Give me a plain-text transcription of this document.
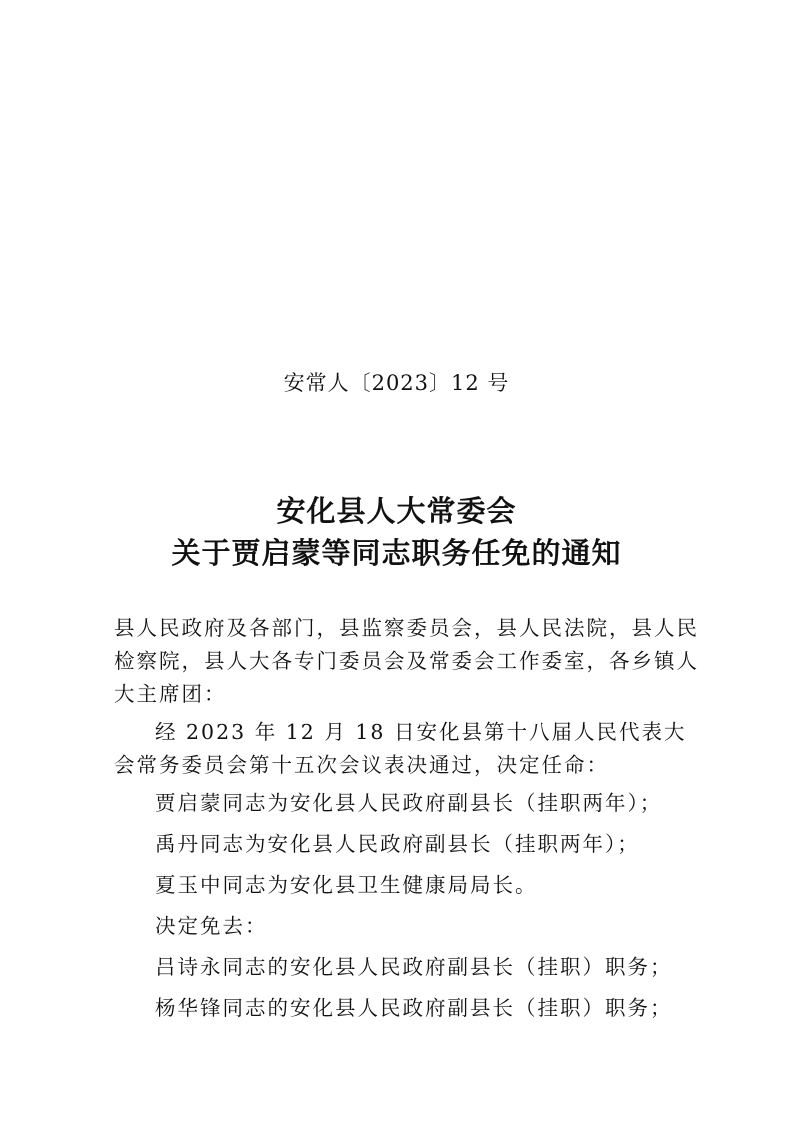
安常人〔2023〕12 号
安化县人大常委会
关于贾启蒙等同志职务任免的通知

县人民政府及各部门，县监察委员会，县人民法院，县人民检察院，县人大各专门委员会及常委会工作委室，各乡镇人大主席团：

经 2023 年 12 月 18 日安化县第十八届人民代表大会常务委员会第十五次会议表决通过，决定任命：

贾启蒙同志为安化县人民政府副县长（挂职两年）；

禹丹同志为安化县人民政府副县长（挂职两年）；

夏玉中同志为安化县卫生健康局局长。

决定免去：

吕诗永同志的安化县人民政府副县长（挂职）职务；

杨华锋同志的安化县人民政府副县长（挂职）职务；
